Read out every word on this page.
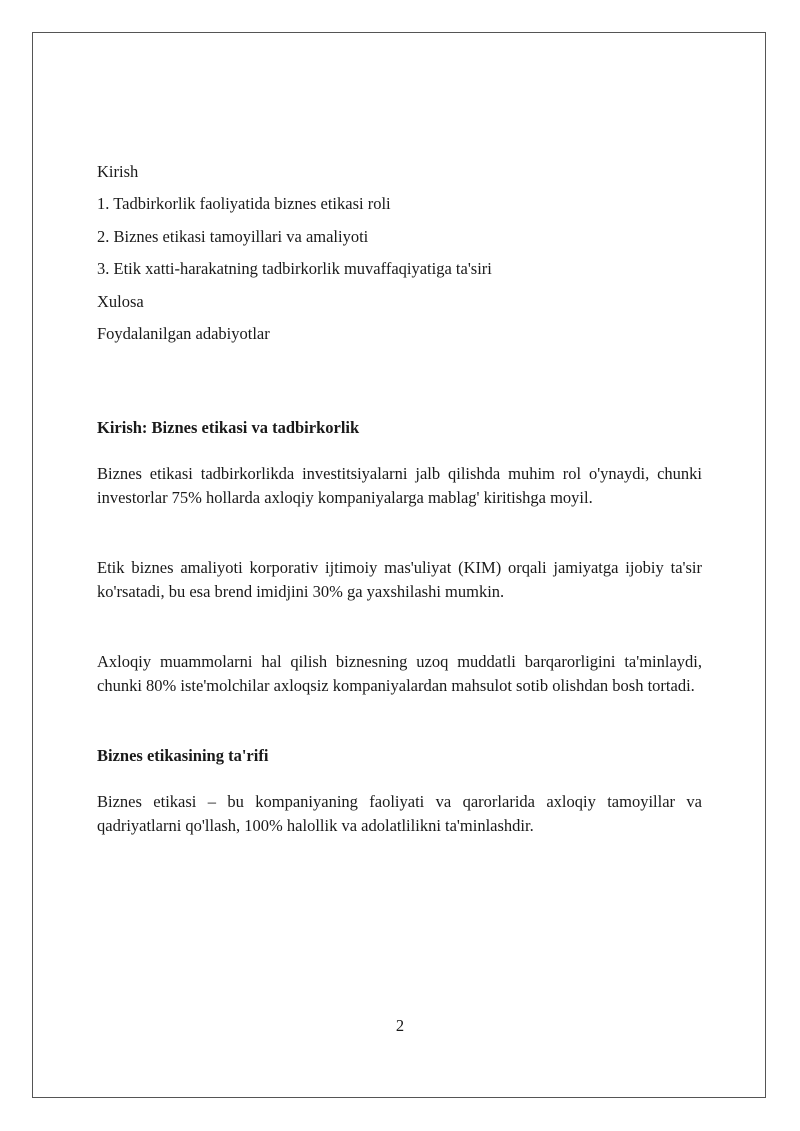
Kirish
1. Tadbirkorlik faoliyatida biznes etikasi roli
2. Biznes etikasi tamoyillari va amaliyoti
3. Etik xatti-harakatning tadbirkorlik muvaffaqiyatiga ta'siri
Xulosa
Foydalanilgan adabiyotlar
Kirish: Biznes etikasi va tadbirkorlik

Biznes etikasi tadbirkorlikda investitsiyalarni jalb qilishda muhim rol o'ynaydi, chunki investorlar 75% hollarda axloqiy kompaniyalarga mablag' kiritishga moyil.

Etik biznes amaliyoti korporativ ijtimoiy mas'uliyat (KIM) orqali jamiyatga ijobiy ta'sir ko'rsatadi, bu esa brend imidjini 30% ga yaxshilashi mumkin.

Axloqiy muammolarni hal qilish biznesning uzoq muddatli barqarorligini ta'minlaydi, chunki 80% iste'molchilar axloqsiz kompaniyalardan mahsulot sotib olishdan bosh tortadi.

Biznes etikasining ta'rifi

Biznes etikasi – bu kompaniyaning faoliyati va qarorlarida axloqiy tamoyillar va qadriyatlarni qo'llash, 100% halollik va adolatlilikni ta'minlashdir.

2
